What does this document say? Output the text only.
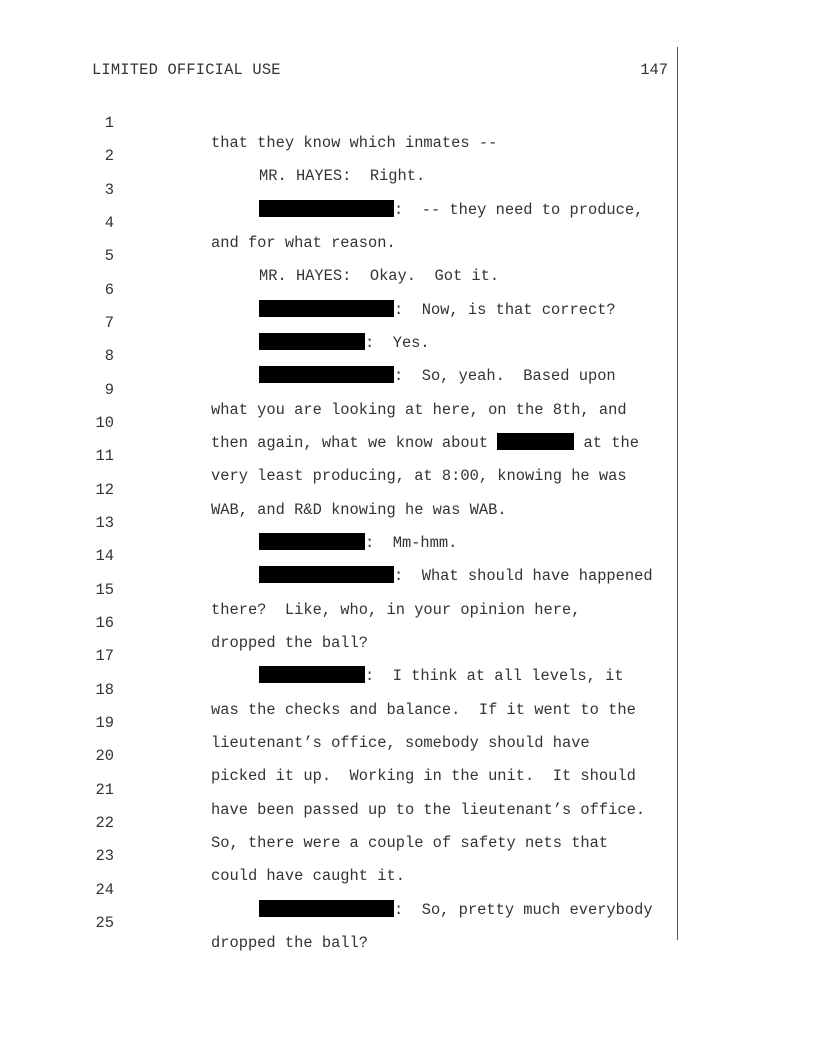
LIMITED OFFICIAL USE	147

1

that they know which inmates --

2

MR. HAYES:  Right.

3

:  -- they need to produce,

4

and for what reason.

5

MR. HAYES:  Okay.  Got it.

6

:  Now, is that correct?

7

:  Yes.

8

:  So, yeah.  Based upon

9

what you are looking at here, on the 8th, and

10

then again, what we know about	at the

11

very least producing, at 8:00, knowing he was

12

WAB, and R&D knowing he was WAB.

13

:  Mm-hmm.

14

:  What should have happened

15

there?  Like, who, in your opinion here,

16

dropped the ball?

17

:  I think at all levels, it

18

was the checks and balance.  If it went to the

19

lieutenant’s office, somebody should have

20

picked it up.  Working in the unit.  It should

21

have been passed up to the lieutenant’s office.

22

So, there were a couple of safety nets that

23

could have caught it.

24

:  So, pretty much everybody

25

dropped the ball?
